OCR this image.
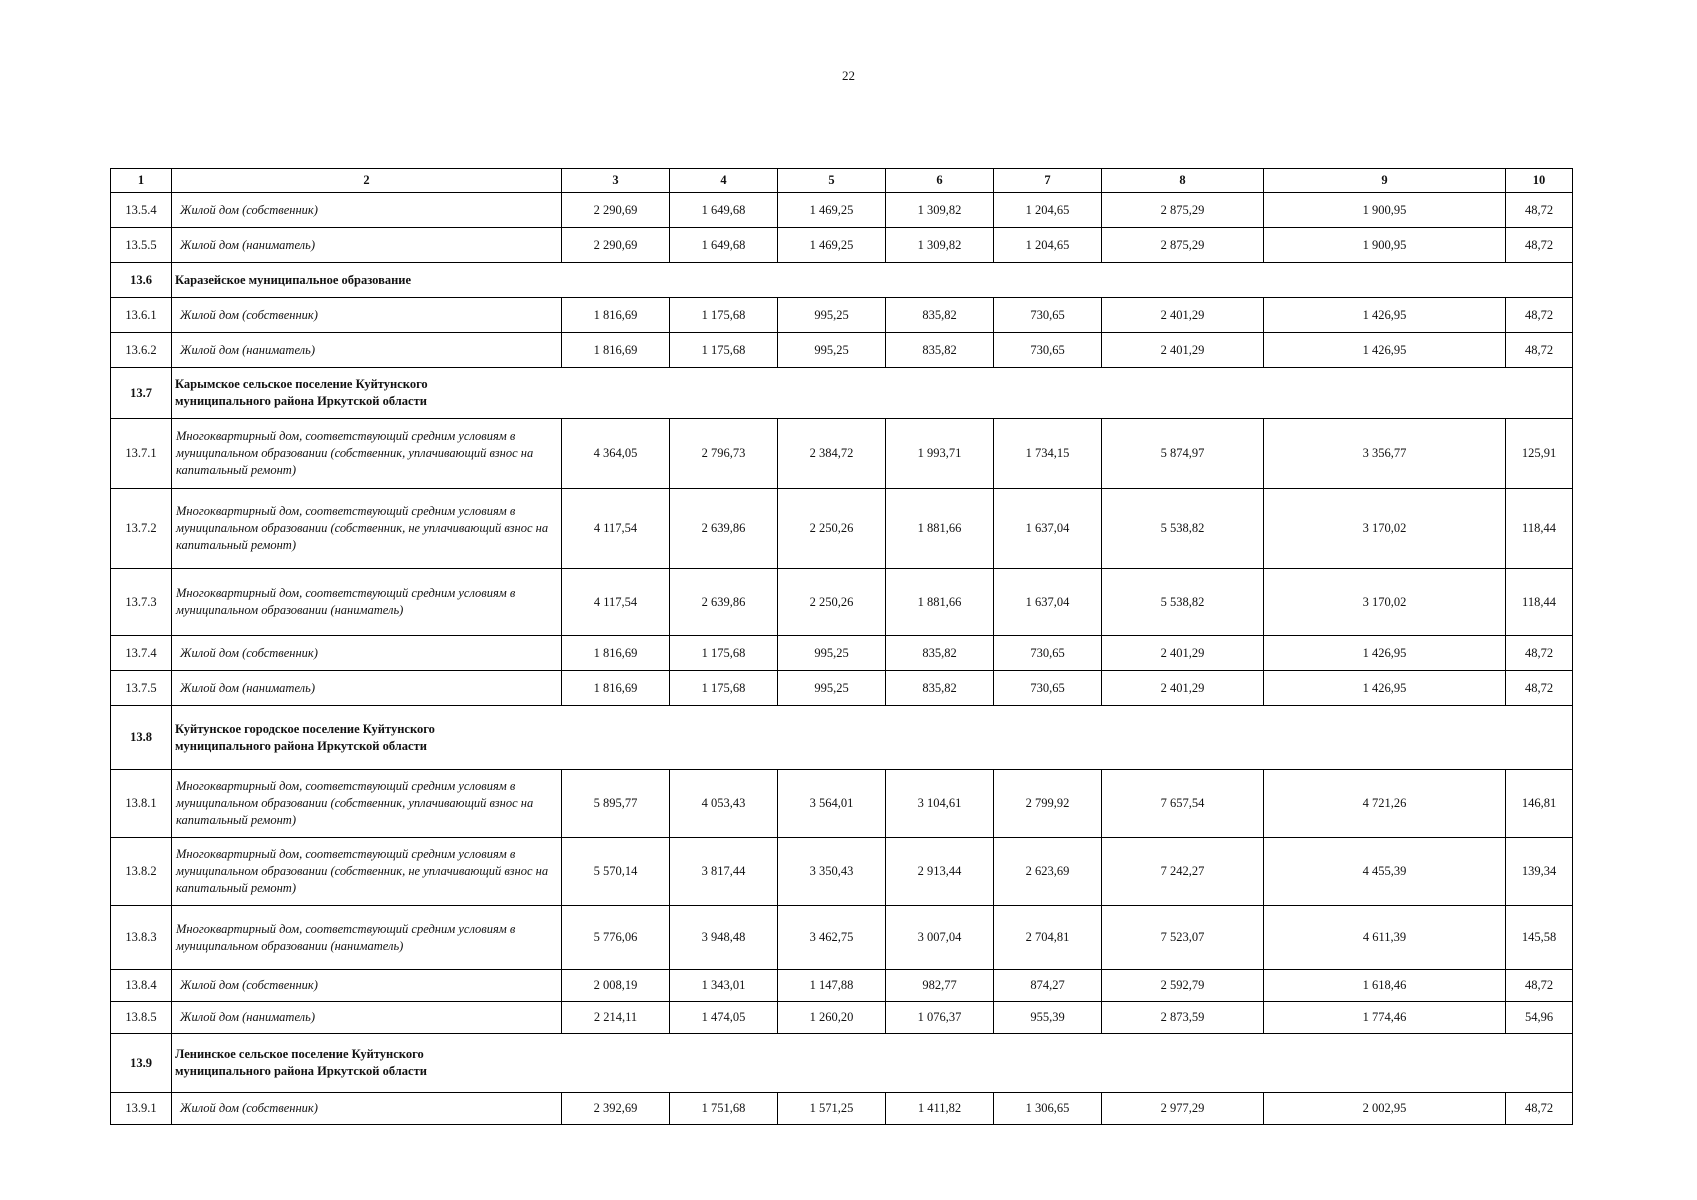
22
1	2	3	4	5	6	7	8	9	10
13.5.4	Жилой дом (собственник)	2 290,69	1 649,68	1 469,25	1 309,82	1 204,65	2 875,29	1 900,95	48,72
13.5.5	Жилой дом (наниматель)	2 290,69	1 649,68	1 469,25	1 309,82	1 204,65	2 875,29	1 900,95	48,72
13.6	Каразейское муниципальное образование								
13.6.1	Жилой дом (собственник)	1 816,69	1 175,68	995,25	835,82	730,65	2 401,29	1 426,95	48,72
13.6.2	Жилой дом (наниматель)	1 816,69	1 175,68	995,25	835,82	730,65	2 401,29	1 426,95	48,72
13.7	Карымское сельское поселение Куйтунского муниципального района Иркутской области								

13.7.1	Многоквартирный дом, соответствующий средним условиям в муниципальном образовании (собственник, уплачивающий взнос на капитальный ремонт)	4 364,05	2 796,73	2 384,72	1 993,71	1 734,15	5 874,97	3 356,77	125,91
13.7.2	Многоквартирный дом, соответствующий средним условиям в муниципальном образовании (собственник, не уплачивающий взнос на капитальный ремонт)	4 117,54	2 639,86	2 250,26	1 881,66	1 637,04	5 538,82	3 170,02	118,44
13.7.3	Многоквартирный дом, соответствующий средним условиям в муниципальном образовании (наниматель)	4 117,54	2 639,86	2 250,26	1 881,66	1 637,04	5 538,82	3 170,02	118,44
13.7.4	Жилой дом (собственник)	1 816,69	1 175,68	995,25	835,82	730,65	2 401,29	1 426,95	48,72
13.7.5	Жилой дом (наниматель)	1 816,69	1 175,68	995,25	835,82	730,65	2 401,29	1 426,95	48,72
13.8	Куйтунское городское поселение Куйтунского муниципального района Иркутской области								

13.8.1	Многоквартирный дом, соответствующий средним условиям в муниципальном образовании (собственник, уплачивающий взнос на капитальный ремонт)	5 895,77	4 053,43	3 564,01	3 104,61	2 799,92	7 657,54	4 721,26	146,81
13.8.2	Многоквартирный дом, соответствующий средним условиям в муниципальном образовании (собственник, не уплачивающий взнос на капитальный ремонт)	5 570,14	3 817,44	3 350,43	2 913,44	2 623,69	7 242,27	4 455,39	139,34
13.8.3	Многоквартирный дом, соответствующий средним условиям в муниципальном образовании (наниматель)	5 776,06	3 948,48	3 462,75	3 007,04	2 704,81	7 523,07	4 611,39	145,58
13.8.4	Жилой дом (собственник)	2 008,19	1 343,01	1 147,88	982,77	874,27	2 592,79	1 618,46	48,72
13.8.5	Жилой дом (наниматель)	2 214,11	1 474,05	1 260,20	1 076,37	955,39	2 873,59	1 774,46	54,96
13.9	Ленинское сельское поселение Куйтунского муниципального района Иркутской области								

13.9.1	Жилой дом (собственник)	2 392,69	1 751,68	1 571,25	1 411,82	1 306,65	2 977,29	2 002,95	48,72
